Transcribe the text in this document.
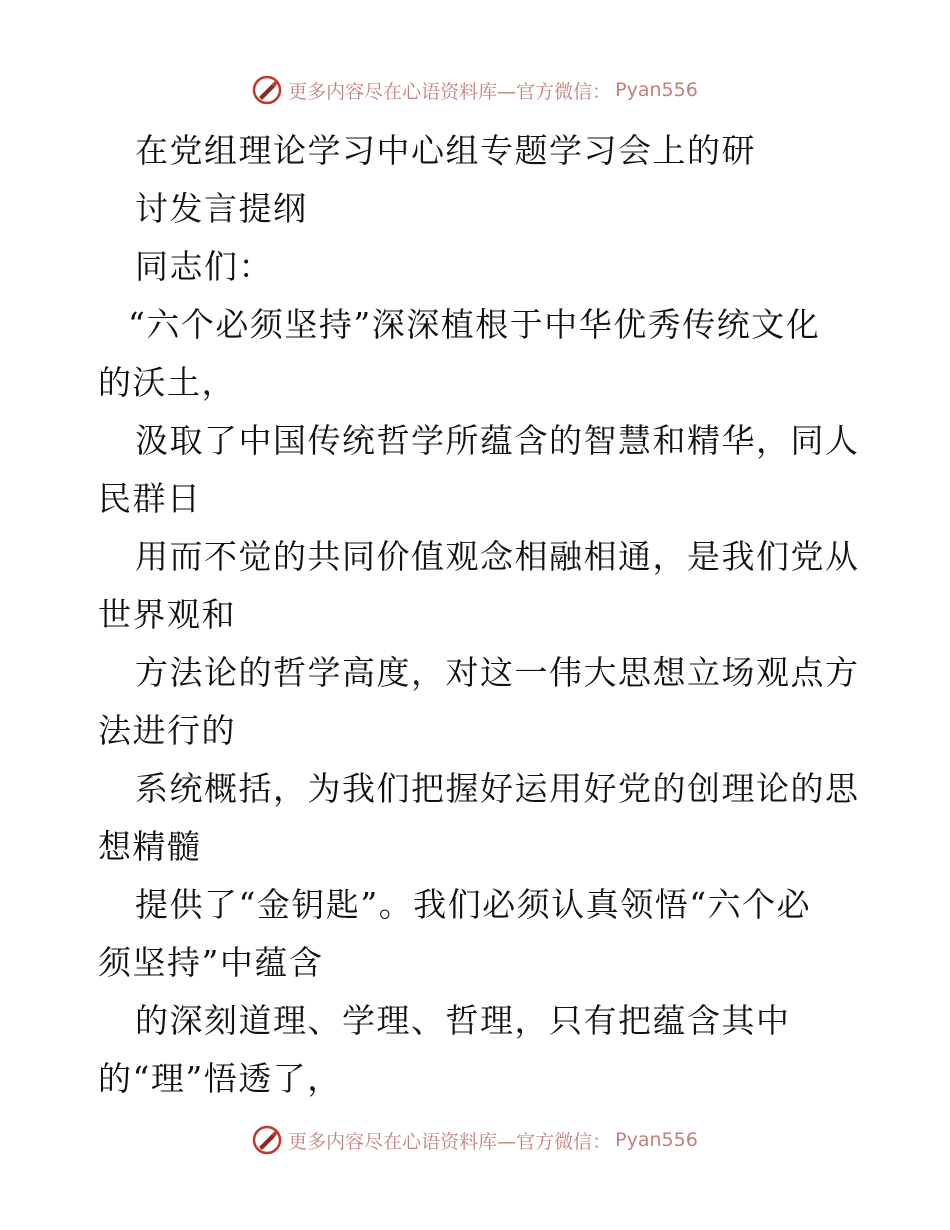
更多内容尽在心语资料库—官方微信： Pyan556
在党组理论学习中心组专题学习会上的研
讨发言提纲
同志们：
“六个必须坚持”深深植根于中华优秀传统文化
的沃土，
汲取了中国传统哲学所蕴含的智慧和精华，同人
民群日
用而不觉的共同价值观念相融相通，是我们党从
世界观和
方法论的哲学高度，对这一伟大思想立场观点方
法进行的
系统概括，为我们把握好运用好党的创理论的思
想精髓
提供了“金钥匙”。我们必须认真领悟“六个必
须坚持”中蕴含
的深刻道理、学理、哲理，只有把蕴含其中
的“理”悟透了，
更多内容尽在心语资料库—官方微信： Pyan556
